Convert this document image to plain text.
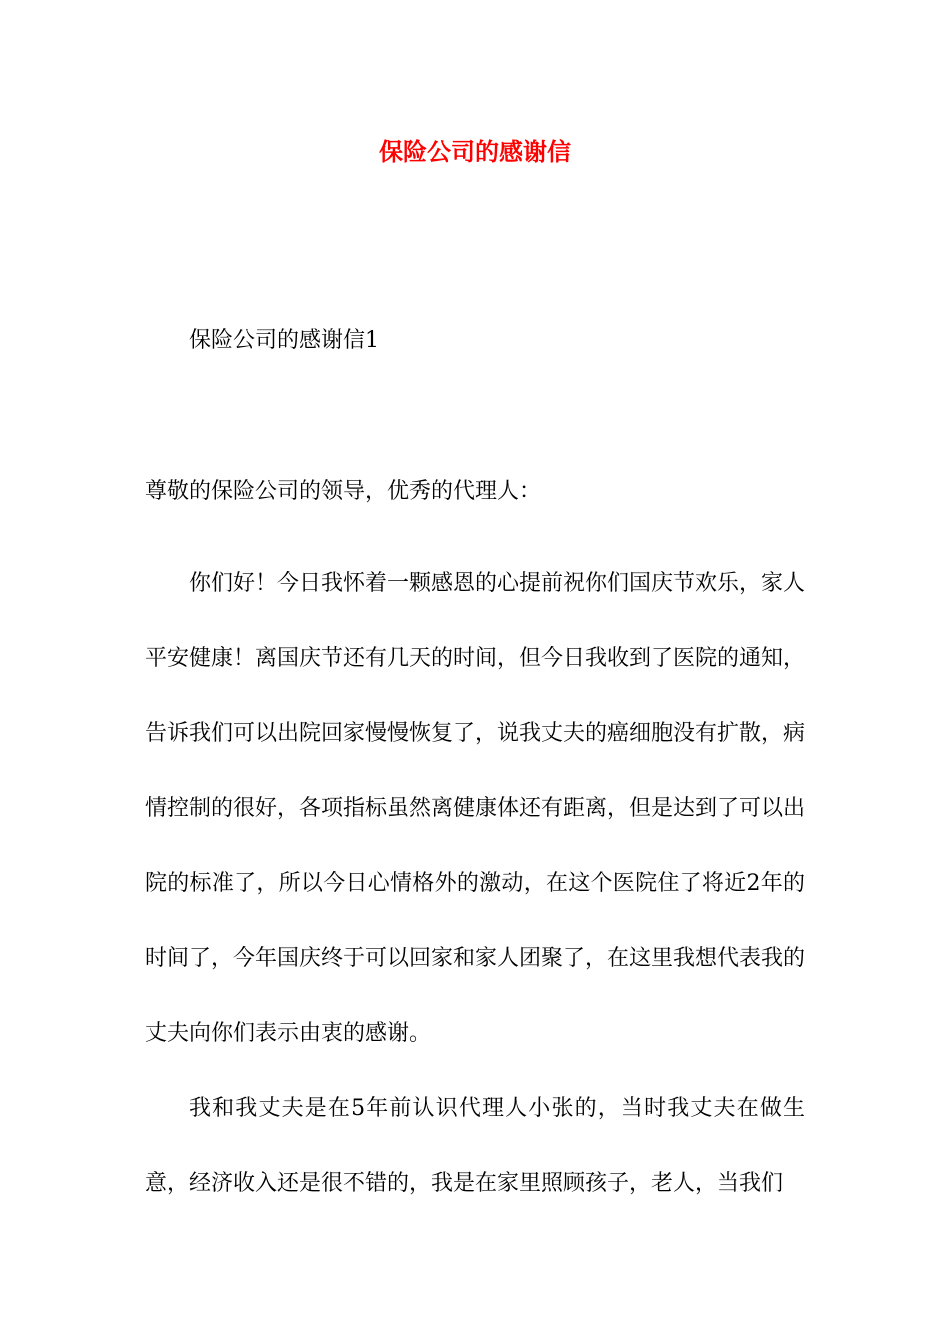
保险公司的感谢信
保险公司的感谢信1
尊敬的保险公司的领导，优秀的代理人：

你们好！今日我怀着一颗感恩的心提前祝你们国庆节欢乐，家人平安健康！离国庆节还有几天的时间，但今日我收到了医院的通知，告诉我们可以出院回家慢慢恢复了，说我丈夫的癌细胞没有扩散，病情控制的很好，各项指标虽然离健康体还有距离，但是达到了可以出院的标准了，所以今日心情格外的激动，在这个医院住了将近2年的时间了，今年国庆终于可以回家和家人团聚了，在这里我想代表我的丈夫向你们表示由衷的感谢。

我和我丈夫是在5年前认识代理人小张的，当时我丈夫在做生意，经济收入还是很不错的，我是在家里照顾孩子，老人，当我们
